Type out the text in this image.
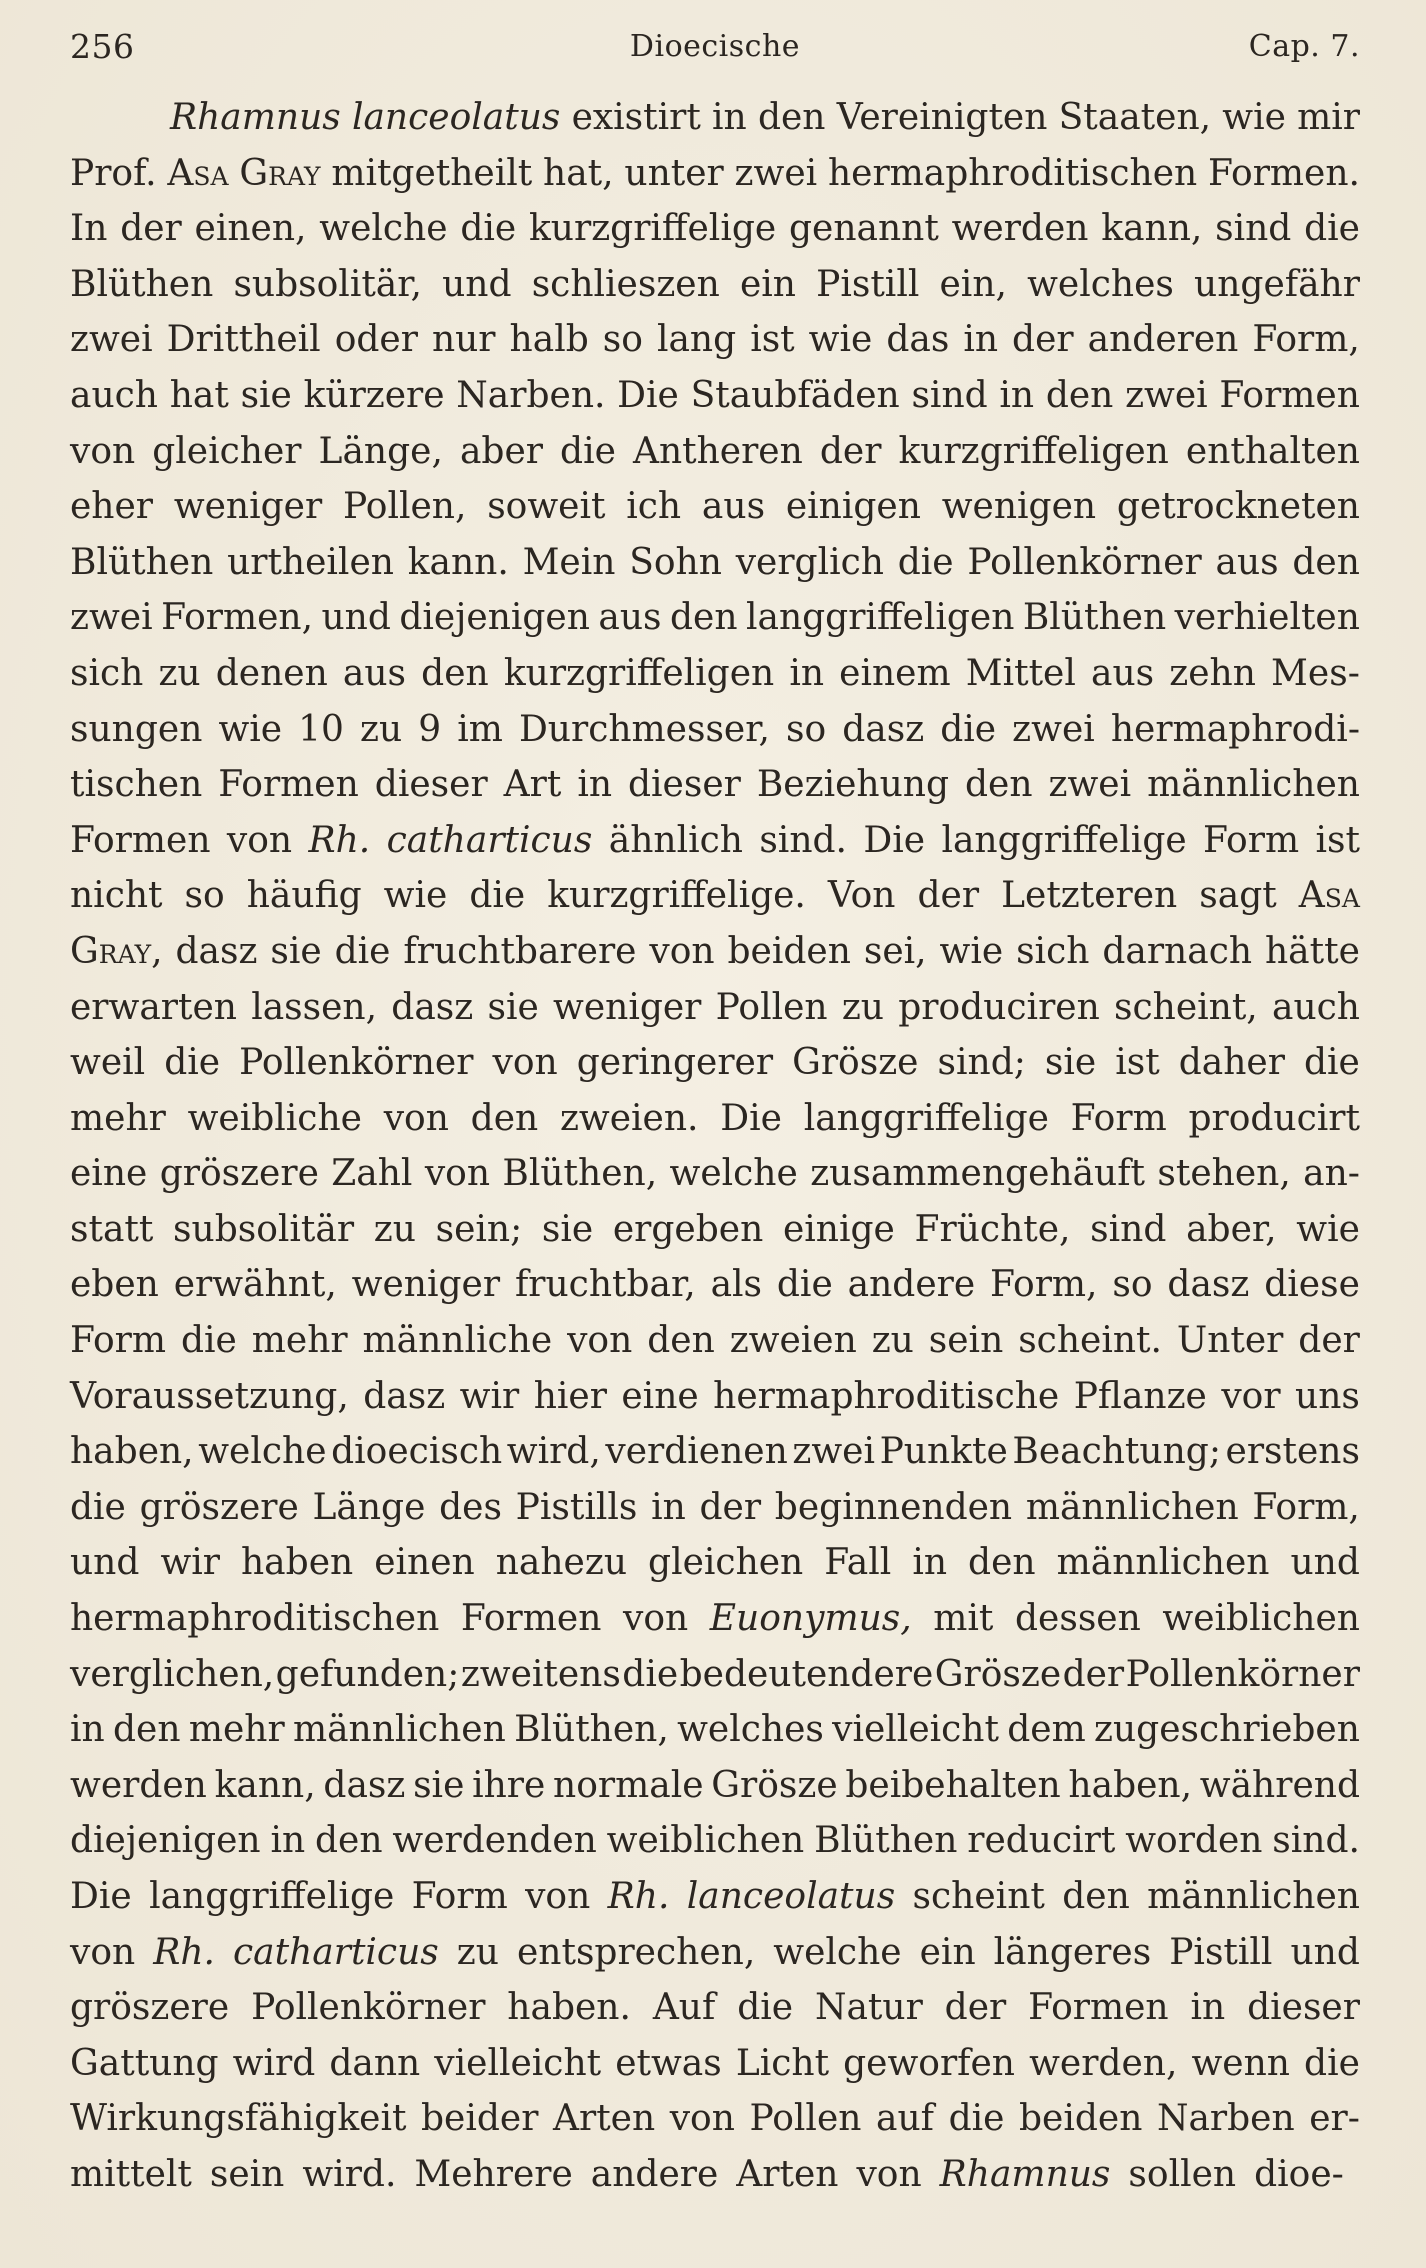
256	Dioecische	Cap. 7.
Rhamnus lanceolatus existirt in den Vereinigten Staaten, wie mir
Prof. Asa Gray mitgetheilt hat, unter zwei hermaphroditischen Formen.
In der einen, welche die kurzgriffelige genannt werden kann, sind die
Blüthen subsolitär, und schlieszen ein Pistill ein, welches ungefähr
zwei Drittheil oder nur halb so lang ist wie das in der anderen Form,
auch hat sie kürzere Narben. Die Staubfäden sind in den zwei Formen
von gleicher Länge, aber die Antheren der kurzgriffeligen enthalten
eher weniger Pollen, soweit ich aus einigen wenigen getrockneten
Blüthen urtheilen kann. Mein Sohn verglich die Pollenkörner aus den
zwei Formen, und diejenigen aus den langgriffeligen Blüthen verhielten
sich zu denen aus den kurzgriffeligen in einem Mittel aus zehn Mes-
sungen wie 10 zu 9 im Durchmesser, so dasz die zwei hermaphrodi-
tischen Formen dieser Art in dieser Beziehung den zwei männlichen
Formen von Rh. catharticus ähnlich sind. Die langgriffelige Form ist
nicht so häufig wie die kurzgriffelige. Von der Letzteren sagt Asa
Gray, dasz sie die fruchtbarere von beiden sei, wie sich darnach hätte
erwarten lassen, dasz sie weniger Pollen zu produciren scheint, auch
weil die Pollenkörner von geringerer Grösze sind; sie ist daher die
mehr weibliche von den zweien. Die langgriffelige Form producirt
eine gröszere Zahl von Blüthen, welche zusammengehäuft stehen, an-
statt subsolitär zu sein; sie ergeben einige Früchte, sind aber, wie
eben erwähnt, weniger fruchtbar, als die andere Form, so dasz diese
Form die mehr männliche von den zweien zu sein scheint. Unter der
Voraussetzung, dasz wir hier eine hermaphroditische Pflanze vor uns
haben, welche dioecisch wird, verdienen zwei Punkte Beachtung; erstens
die gröszere Länge des Pistills in der beginnenden männlichen Form,
und wir haben einen nahezu gleichen Fall in den männlichen und
hermaphroditischen Formen von Euonymus, mit dessen weiblichen
verglichen, gefunden; zweitens die bedeutendere Grösze der Pollenkörner
in den mehr männlichen Blüthen, welches vielleicht dem zugeschrieben
werden kann, dasz sie ihre normale Grösze beibehalten haben, während
diejenigen in den werdenden weiblichen Blüthen reducirt worden sind.
Die langgriffelige Form von Rh. lanceolatus scheint den männlichen
von Rh. catharticus zu entsprechen, welche ein längeres Pistill und
gröszere Pollenkörner haben. Auf die Natur der Formen in dieser
Gattung wird dann vielleicht etwas Licht geworfen werden, wenn die
Wirkungsfähigkeit beider Arten von Pollen auf die beiden Narben er-
mittelt sein wird. Mehrere andere Arten von Rhamnus sollen dioe-
